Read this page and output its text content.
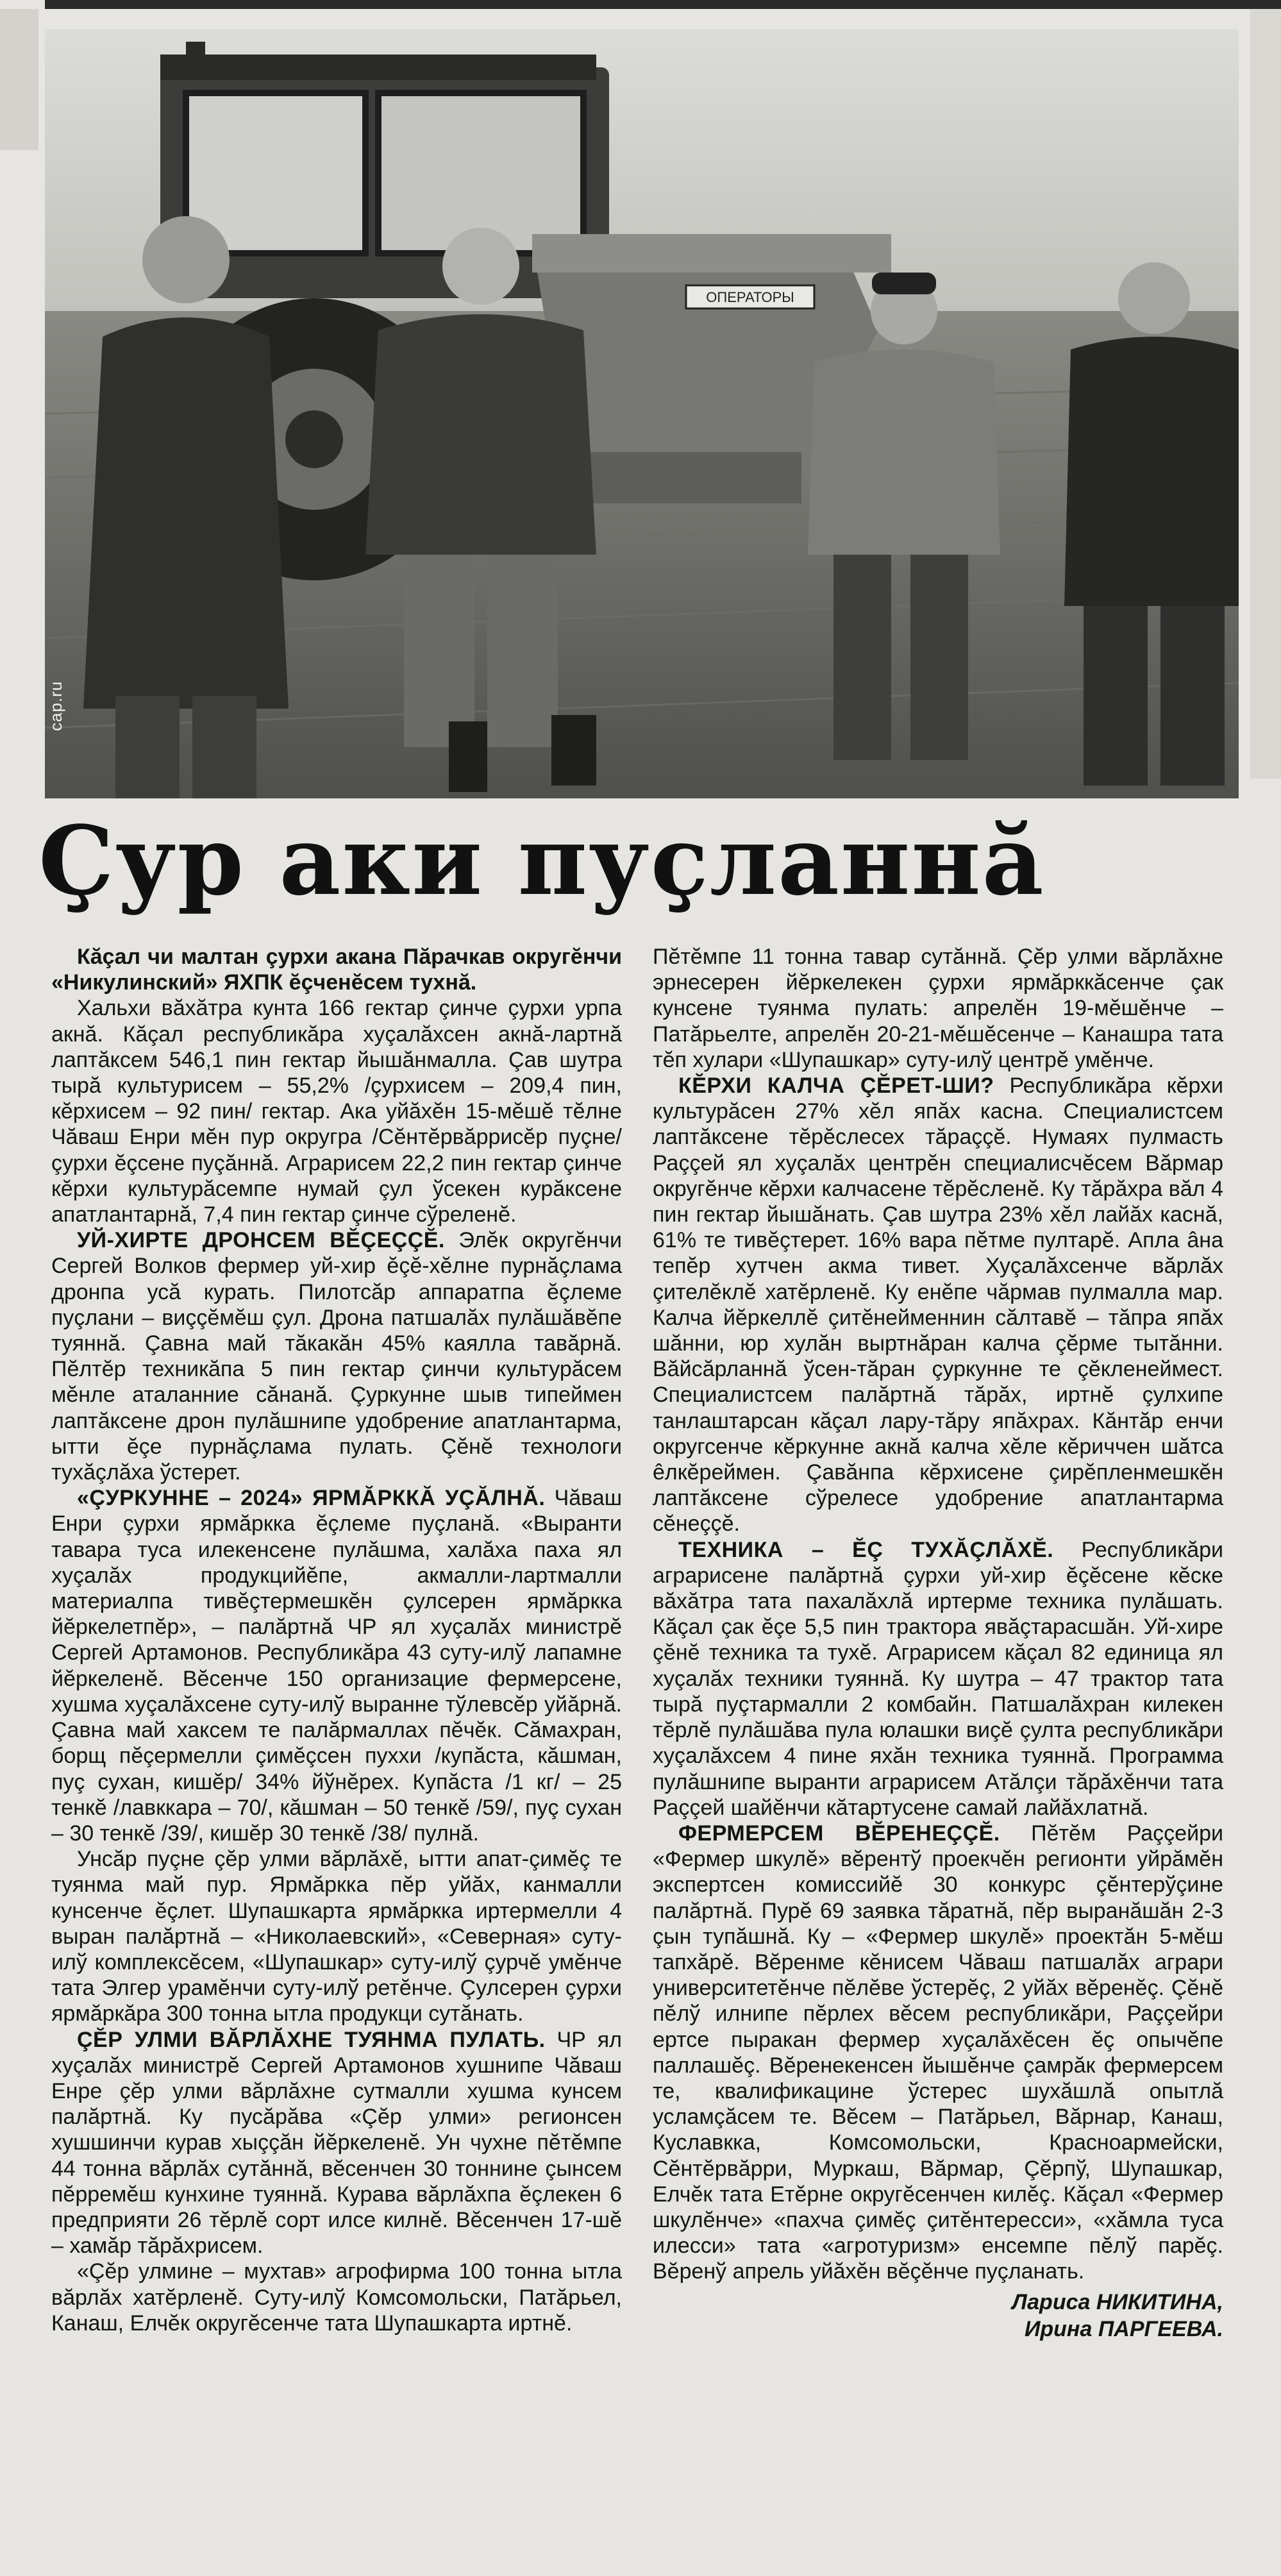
ОПЕРАТОРЫ
cap.ru
Çур аки пуçланнă

Кăçал чи малтан çурхи акана Пăрачкав округĕнчи «Никулинский» ЯХПК ĕçченĕсем тухнă.

Хальхи вăхăтра кунта 166 гектар çинче çурхи урпа акнă. Кăçал республикăра хуçалăхсен акнă-лартнă лаптăксем 546,1 пин гектар йышăнмалла. Çав шутра тырă культурисем – 55,2% /çурхисем – 209,4 пин, кĕрхисем – 92 пин/ гектар. Ака уйăхĕн 15-мĕшĕ тĕлне Чăваш Енри мĕн пур округра /Сĕнтĕрвăррисĕр пуçне/ çурхи ĕçсене пуçăннă. Аграрисем 22,2 пин гектар çинче кĕрхи культурăсемпе нумай çул ўсекен курăксене апатлантарнă, 7,4 пин гектар çинче сўреленĕ.

УЙ-ХИРТЕ ДРОНСЕМ ВĔÇЕÇÇĔ. Элĕк округĕнчи Сергей Волков фермер уй-хир ĕçĕ-хĕлне пурнăçлама дронпа усă курать. Пилотсăр аппаратпа ĕçлеме пуçлани – виççĕмĕш çул. Дрона патшалăх пулăшăвĕпе туяннă. Çавна май тăкакăн 45% каялла тавăрнă. Пĕлтĕр техникăпа 5 пин гектар çинчи культурăсем мĕнле аталанние сăнанă. Çуркунне шыв типеймен лаптăксене дрон пулăшнипе удобрение апатлантарма, ытти ĕçе пурнăçлама пулать. Çĕнĕ технологи тухăçлăха ўстерет.

«ÇУРКУННЕ – 2024» ЯРМĂРККĂ УÇĂЛНĂ. Чăваш Енри çурхи ярмăркка ĕçлеме пуçланă. «Выранти тавара туса илекенсене пулăшма, халăха паха ял хуçалăх продукцийĕпе, акмалли-лартмалли материалпа тивĕçтермешкĕн çулсерен ярмăркка йĕркелетпĕр», – палăртнă ЧР ял хуçалăх министрĕ Сергей Артамонов. Республикăра 43 суту-илў лапамне йĕркеленĕ. Вĕсенче 150 организацие фермерсене, хушма хуçалăхсене суту-илў выранне тўлевсĕр уйăрнă. Çавна май хаксем те палăрмаллах пĕчĕк. Сăмахран, борщ пĕçермелли çимĕçсен пуххи /купăста, кăшман, пуç сухан, кишĕр/ 34% йўнĕрех. Купăста /1 кг/ – 25 тенкĕ /лавккара – 70/, кăшман – 50 тенкĕ /59/, пуç сухан – 30 тенкĕ /39/, кишĕр 30 тенкĕ /38/ пулнă.

Унсăр пуçне çĕр улми вăрлăхĕ, ытти апат-çимĕç те туянма май пур. Ярмăркка пĕр уйăх, канмалли кунсенче ĕçлет. Шупашкарта ярмăркка иртермелли 4 выран палăртнă – «Николаевский», «Северная» суту-илў комплексĕсем, «Шупашкар» суту-илў çурчĕ умĕнче тата Элгер урамĕнчи суту-илў ретĕнче. Çулсерен çурхи ярмăркăра 300 тонна ытла продукци сутăнать.

ÇĔР УЛМИ ВĂРЛĂХНЕ ТУЯНМА ПУЛАТЬ. ЧР ял хуçалăх министрĕ Сергей Артамонов хушнипе Чăваш Енре çĕр улми вăрлăхне сутмалли хушма кунсем палăртнă. Ку пусăрăва «Çĕр улми» регионсен хушшинчи курав хыççăн йĕркеленĕ. Ун чухне пĕтĕмпе 44 тонна вăрлăх сутăннă, вĕсенчен 30 тоннине çынсем пĕрремĕш кунхине туяннă. Курава вăрлăхпа ĕçлекен 6 предприяти 26 тĕрлĕ сорт илсе килнĕ. Вĕсенчен 17-шĕ – хамăр тăрăхрисем.

«Çĕр улмине – мухтав» агрофирма 100 тонна ытла вăрлăх хатĕрленĕ. Суту-илў Комсомольски, Патăрьел, Канаш, Елчĕк округĕсенче тата Шупашкарта иртнĕ.

Пĕтĕмпе 11 тонна тавар сутăннă. Çĕр улми вăрлăхне эрнесерен йĕркелекен çурхи ярмăрккăсенче çак кунсене туянма пулать: апрелĕн 19-мĕшĕнче – Патăрьелте, апрелĕн 20-21-мĕшĕсенче – Канашра тата тĕп хулари «Шупашкар» суту-илў центрĕ умĕнче.

КĔРХИ КАЛЧА ÇĔРЕТ-ШИ? Республикăра кĕрхи культурăсен 27% хĕл япăх касна. Специалистсем лаптăксене тĕрĕслесех тăраççĕ. Нумаях пулмасть Раççей ял хуçалăх центрĕн специалисчĕсем Вăрмар округĕнче кĕрхи калчасене тĕрĕсленĕ. Ку тăрăхра вăл 4 пин гектар йышăнать. Çав шутра 23% хĕл лайăх каснă, 61% те тивĕçтерет. 16% вара пĕтме пултарĕ. Апла âна тепĕр хутчен акма тивет. Хуçалăхсенче вăрлăх çителĕклĕ хатĕрленĕ. Ку енĕпе чăрмав пулмалла мар. Калча йĕркеллĕ çитĕнейменнин сăлтавĕ – тăпра япăх шăнни, юр хулăн выртнăран калча çĕрме тытăнни. Вăйсăрланнă ўсен-тăран çуркунне те çĕкленеймест. Специалистсем палăртнă тăрăх, иртнĕ çулхипе танлаштарсан кăçал лару-тăру япăхрах. Кăнтăр енчи округсенче кĕркунне акнă калча хĕле кĕриччен шăтса êлкĕреймен. Çавăнпа кĕрхисене çирĕпленмешкĕн лаптăксене сўрелесе удобрение апатлантарма сĕнеççĕ.

ТЕХНИКА – ĔÇ ТУХĂÇЛĂХĔ. Республикăри аграрисене палăртнă çурхи уй-хир ĕçĕсене кĕске вăхăтра тата пахалăхлă иртерме техника пулăшать. Кăçал çак ĕçе 5,5 пин трактора явăçтарасшăн. Уй-хире çĕнĕ техника та тухĕ. Аграрисем кăçал 82 единица ял хуçалăх техники туяннă. Ку шутра – 47 трактор тата тырă пуçтармалли 2 комбайн. Патшалăхран килекен тĕрлĕ пулăшăва пула юлашки виçĕ çулта республикăри хуçалăхсем 4 пине яхăн техника туяннă. Программа пулăшнипе выранти аграрисем Атăлçи тăрăхĕнчи тата Раççей шайĕнчи кăтартусене самай лайăхлатнă.

ФЕРМЕРСЕМ ВĔРЕНЕÇÇĔ. Пĕтĕм Раççейри «Фермер шкулĕ» вĕрентў проекчĕн регионти уйрăмĕн экспертсен комиссийĕ 30 конкурс çĕнтерўçине палăртнă. Пурĕ 69 заявка тăратнă, пĕр выранăшăн 2-3 çын тупăшнă. Ку – «Фермер шкулĕ» проектăн 5-мĕш тапхăрĕ. Вĕренме кĕнисем Чăваш патшалăх аграри университетĕнче пĕлĕве ўстерĕç, 2 уйăх вĕренĕç. Çĕнĕ пĕлў илнипе пĕрлех вĕсем республикăри, Раççейри ертсе пыракан фермер хуçалăхĕсен ĕç опычĕпе паллашĕç. Вĕренекенсен йышĕнче çамрăк фермерсем те, квалификацине ўстерес шухăшлă опытлă усламçăсем те. Вĕсем – Патăрьел, Вăрнар, Канаш, Куславкка, Комсомольски, Красноармейски, Сĕнтĕрвăрри, Муркаш, Вăрмар, Çĕрпў, Шупашкар, Елчĕк тата Етĕрне округĕсенчен килĕç. Кăçал «Фермер шкулĕнче» «пахча çимĕç çитĕнтересси», «хăмла туса илесси» тата «агротуризм» енсемпе пĕлў парĕç. Вĕренў апрель уйăхĕн вĕçĕнче пуçланать.

Лариса НИКИТИНА,
Ирина ПАРГЕЕВА.
